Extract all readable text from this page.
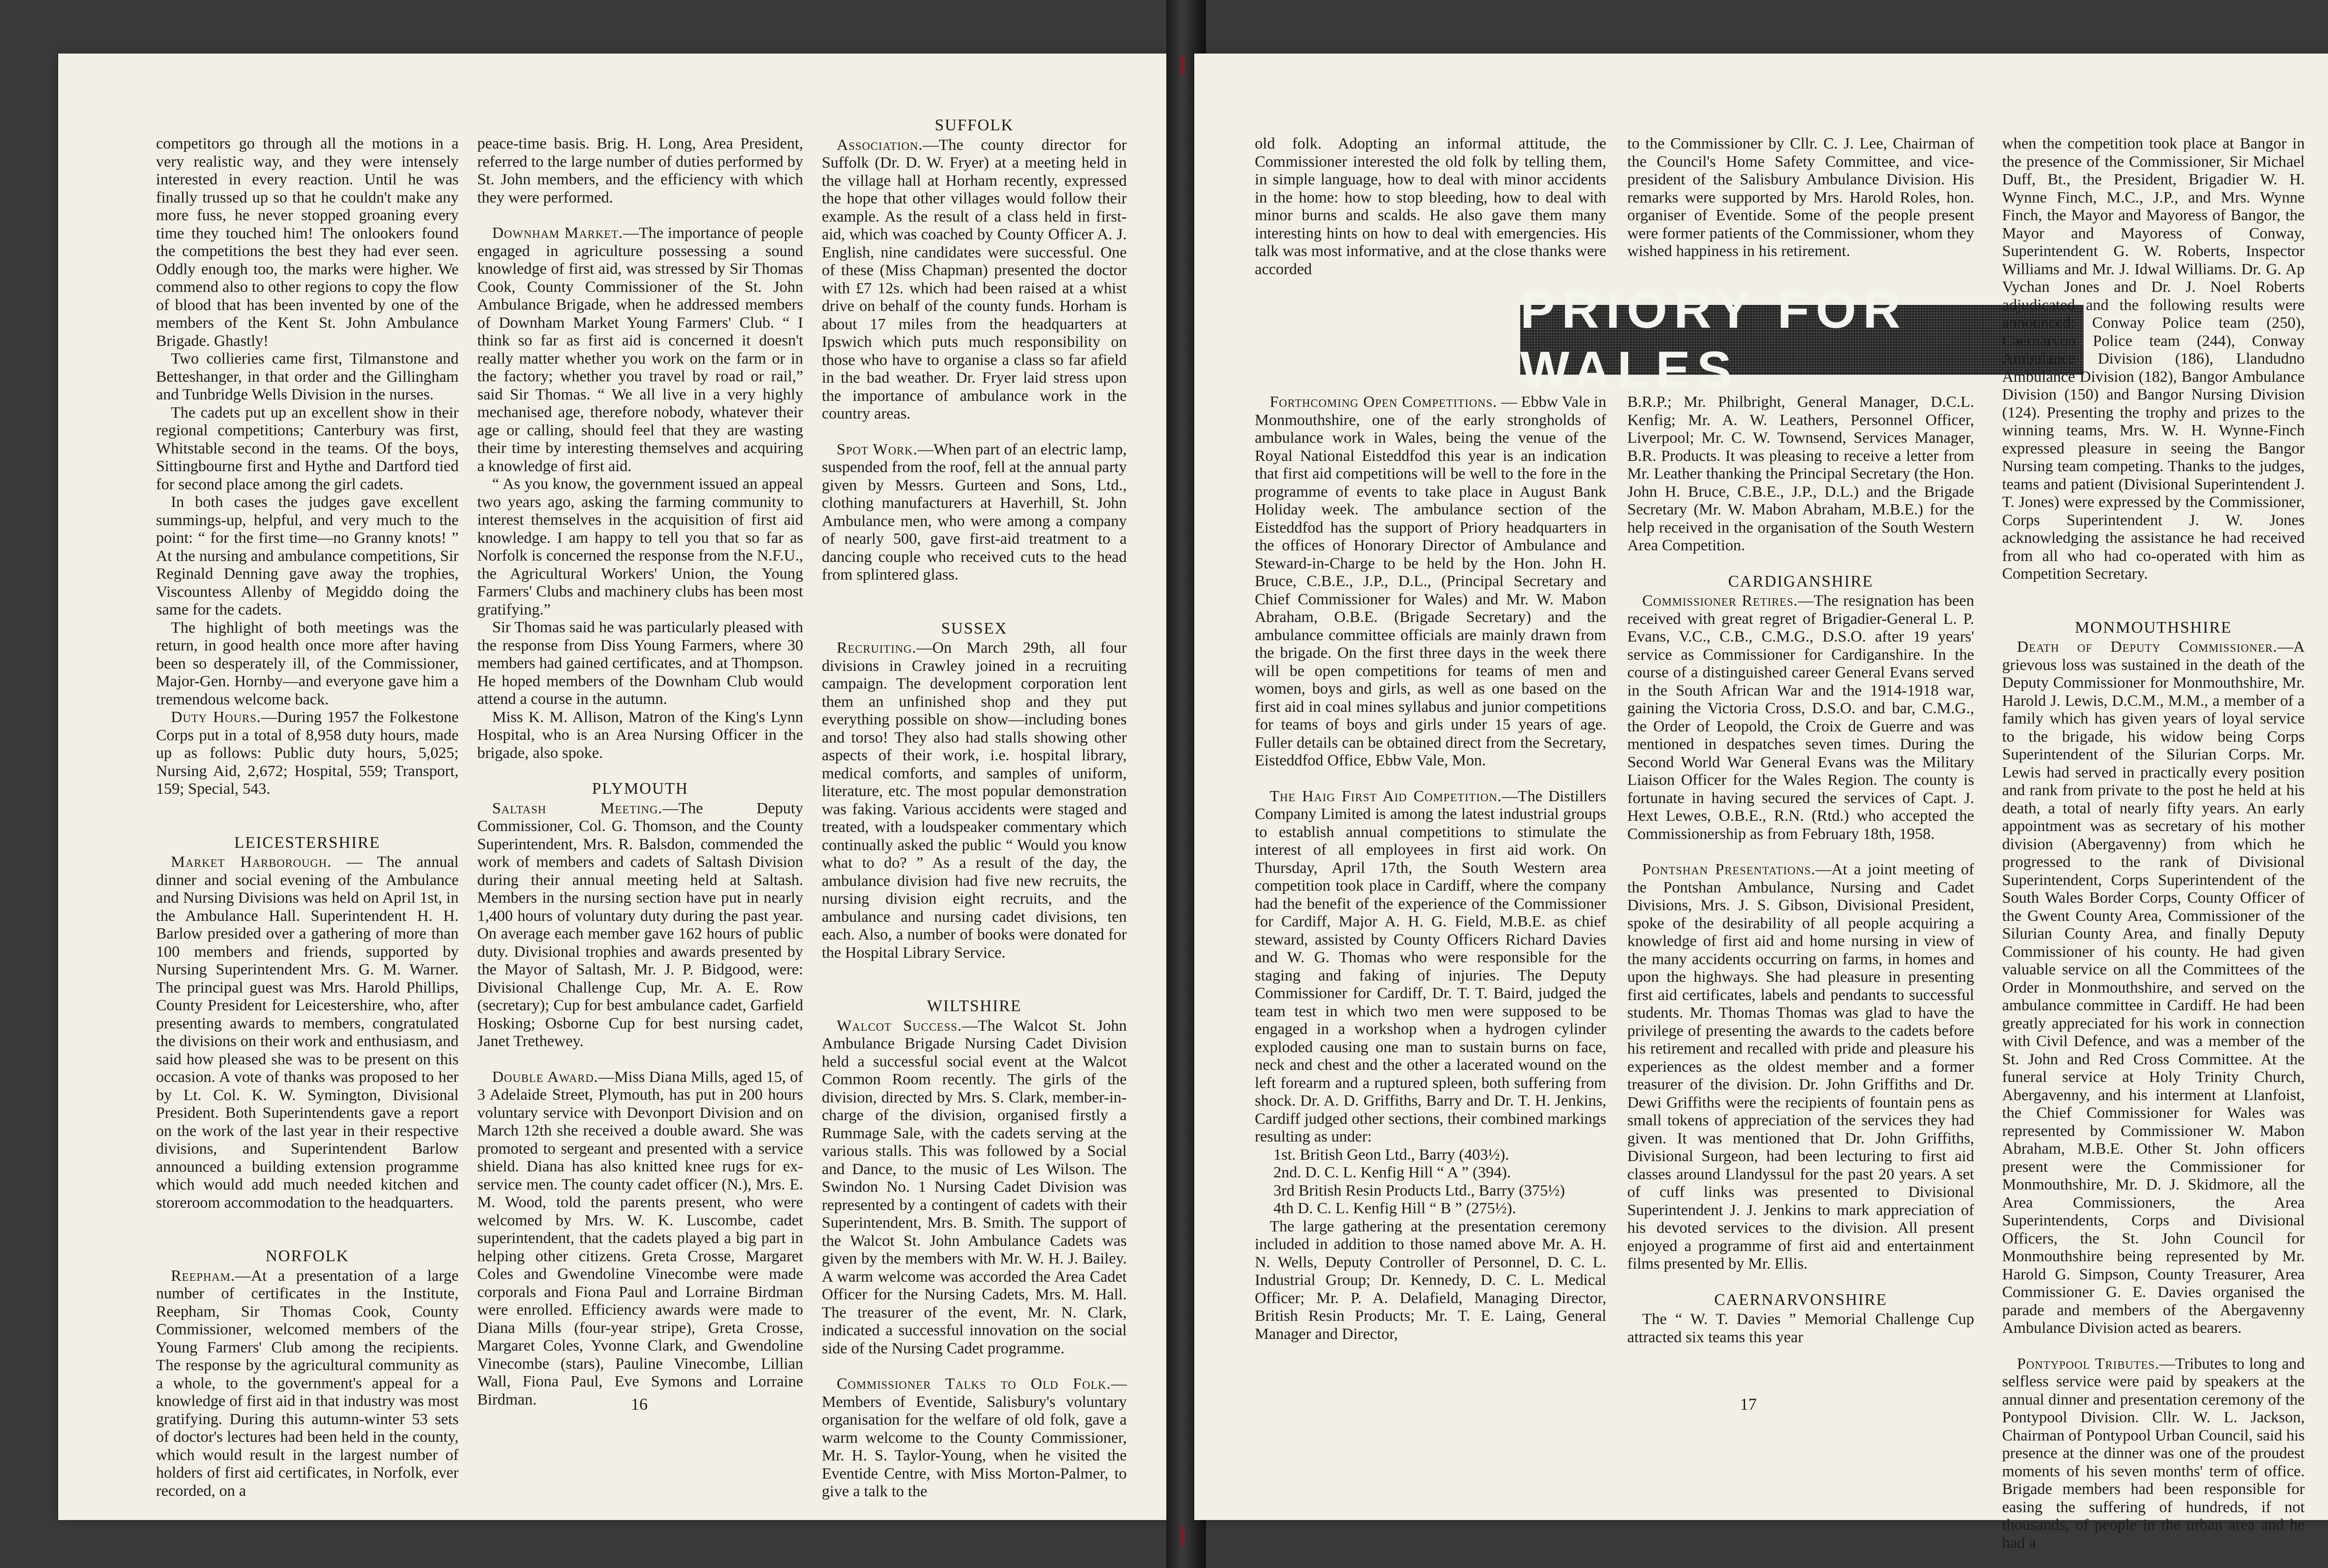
competitors go through all the motions in a very realistic way, and they were intensely interested in every reaction. Until he was finally trussed up so that he couldn't make any more fuss, he never stopped groaning every time they touched him! The onlookers found the competitions the best they had ever seen. Oddly enough too, the marks were higher. We commend also to other regions to copy the flow of blood that has been invented by one of the members of the Kent St. John Ambulance Brigade. Ghastly!

Two collieries came first, Tilmanstone and Betteshanger, in that order and the Gillingham and Tunbridge Wells Division in the nurses.

The cadets put up an excellent show in their regional competitions; Canterbury was first, Whitstable second in the teams. Of the boys, Sittingbourne first and Hythe and Dartford tied for second place among the girl cadets.

In both cases the judges gave excellent summings-up, helpful, and very much to the point: “ for the first time—no Granny knots! ” At the nursing and ambulance competitions, Sir Reginald Denning gave away the trophies, Viscountess Allenby of Megiddo doing the same for the cadets.

The highlight of both meetings was the return, in good health once more after having been so desperately ill, of the Commissioner, Major-Gen. Hornby—and everyone gave him a tremendous welcome back.

Duty Hours.—During 1957 the Folkestone Corps put in a total of 8,958 duty hours, made up as follows: Public duty hours, 5,025; Nursing Aid, 2,672; Hospital, 559; Transport, 159; Special, 543.

LEICESTERSHIRE

Market Harborough. — The annual dinner and social evening of the Ambulance and Nursing Divisions was held on April 1st, in the Ambulance Hall. Superintendent H. H. Barlow presided over a gathering of more than 100 members and friends, supported by Nursing Superintendent Mrs. G. M. Warner. The principal guest was Mrs. Harold Phillips, County President for Leicestershire, who, after presenting awards to members, congratulated the divisions on their work and enthusiasm, and said how pleased she was to be present on this occasion. A vote of thanks was proposed to her by Lt. Col. K. W. Symington, Divisional President. Both Superintendents gave a report on the work of the last year in their respective divisions, and Superintendent Barlow announced a building extension programme which would add much needed kitchen and storeroom accommodation to the headquarters.

NORFOLK

Reepham.—At a presentation of a large number of certificates in the Institute, Reepham, Sir Thomas Cook, County Commissioner, welcomed members of the Young Farmers' Club among the recipients. The response by the agricultural community as a whole, to the government's appeal for a knowledge of first aid in that industry was most gratifying. During this autumn-winter 53 sets of doctor's lectures had been held in the county, which would result in the largest number of holders of first aid certificates, in Norfolk, ever recorded, on a

peace-time basis. Brig. H. Long, Area President, referred to the large number of duties performed by St. John members, and the efficiency with which they were performed.

Downham Market.—The importance of people engaged in agriculture possessing a sound knowledge of first aid, was stressed by Sir Thomas Cook, County Commissioner of the St. John Ambulance Brigade, when he addressed members of Downham Market Young Farmers' Club. “ I think so far as first aid is concerned it doesn't really matter whether you work on the farm or in the factory; whether you travel by road or rail,” said Sir Thomas. “ We all live in a very highly mechanised age, therefore nobody, whatever their age or calling, should feel that they are wasting their time by interesting themselves and acquiring a knowledge of first aid.

“ As you know, the government issued an appeal two years ago, asking the farming community to interest themselves in the acquisition of first aid knowledge. I am happy to tell you that so far as Norfolk is concerned the response from the N.F.U., the Agricultural Workers' Union, the Young Farmers' Clubs and machinery clubs has been most gratifying.”

Sir Thomas said he was particularly pleased with the response from Diss Young Farmers, where 30 members had gained certificates, and at Thompson. He hoped members of the Downham Club would attend a course in the autumn.

Miss K. M. Allison, Matron of the King's Lynn Hospital, who is an Area Nursing Officer in the brigade, also spoke.

PLYMOUTH

Saltash Meeting.—The Deputy Commissioner, Col. G. Thomson, and the County Superintendent, Mrs. R. Balsdon, commended the work of members and cadets of Saltash Division during their annual meeting held at Saltash. Members in the nursing section have put in nearly 1,400 hours of voluntary duty during the past year. On average each member gave 162 hours of public duty. Divisional trophies and awards presented by the Mayor of Saltash, Mr. J. P. Bidgood, were: Divisional Challenge Cup, Mr. A. E. Row (secretary); Cup for best ambulance cadet, Garfield Hosking; Osborne Cup for best nursing cadet, Janet Trethewey.

Double Award.—Miss Diana Mills, aged 15, of 3 Adelaide Street, Plymouth, has put in 200 hours voluntary service with Devonport Division and on March 12th she received a double award. She was promoted to sergeant and presented with a service shield. Diana has also knitted knee rugs for ex-service men. The county cadet officer (N.), Mrs. E. M. Wood, told the parents present, who were welcomed by Mrs. W. K. Luscombe, cadet superintendent, that the cadets played a big part in helping other citizens. Greta Crosse, Margaret Coles and Gwendoline Vinecombe were made corporals and Fiona Paul and Lorraine Birdman were enrolled. Efficiency awards were made to Diana Mills (four-year stripe), Greta Crosse, Margaret Coles, Yvonne Clark, and Gwendoline Vinecombe (stars), Pauline Vinecombe, Lillian Wall, Fiona Paul, Eve Symons and Lorraine Birdman.

SUFFOLK

Association.—The county director for Suffolk (Dr. D. W. Fryer) at a meeting held in the village hall at Horham recently, expressed the hope that other villages would follow their example. As the result of a class held in first-aid, which was coached by County Officer A. J. English, nine candidates were successful. One of these (Miss Chapman) presented the doctor with £7 12s. which had been raised at a whist drive on behalf of the county funds. Horham is about 17 miles from the headquarters at Ipswich which puts much responsibility on those who have to organise a class so far afield in the bad weather. Dr. Fryer laid stress upon the importance of ambulance work in the country areas.

Spot Work.—When part of an electric lamp, suspended from the roof, fell at the annual party given by Messrs. Gurteen and Sons, Ltd., clothing manufacturers at Haverhill, St. John Ambulance men, who were among a company of nearly 500, gave first-aid treatment to a dancing couple who received cuts to the head from splintered glass.

SUSSEX

Recruiting.—On March 29th, all four divisions in Crawley joined in a recruiting campaign. The development corporation lent them an unfinished shop and they put everything possible on show—including bones and torso! They also had stalls showing other aspects of their work, i.e. hospital library, medical comforts, and samples of uniform, literature, etc. The most popular demonstration was faking. Various accidents were staged and treated, with a loudspeaker commentary which continually asked the public “ Would you know what to do? ” As a result of the day, the ambulance division had five new recruits, the nursing division eight recruits, and the ambulance and nursing cadet divisions, ten each. Also, a number of books were donated for the Hospital Library Service.

WILTSHIRE

Walcot Success.—The Walcot St. John Ambulance Brigade Nursing Cadet Division held a successful social event at the Walcot Common Room recently. The girls of the division, directed by Mrs. S. Clark, member-in-charge of the division, organised firstly a Rummage Sale, with the cadets serving at the various stalls. This was followed by a Social and Dance, to the music of Les Wilson. The Swindon No. 1 Nursing Cadet Division was represented by a contingent of cadets with their Superintendent, Mrs. B. Smith. The support of the Walcot St. John Ambulance Cadets was given by the members with Mr. W. H. J. Bailey. A warm welcome was accorded the Area Cadet Officer for the Nursing Cadets, Mrs. M. Hall. The treasurer of the event, Mr. N. Clark, indicated a successful innovation on the social side of the Nursing Cadet programme.

Commissioner Talks to Old Folk.—Members of Eventide, Salisbury's voluntary organisation for the welfare of old folk, gave a warm welcome to the County Commissioner, Mr. H. S. Taylor-Young, when he visited the Eventide Centre, with Miss Morton-Palmer, to give a talk to the

16

old folk. Adopting an informal attitude, the Commissioner interested the old folk by telling them, in simple language, how to deal with minor accidents in the home: how to stop bleeding, how to deal with minor burns and scalds. He also gave them many interesting hints on how to deal with emergencies. His talk was most informative, and at the close thanks were accorded

to the Commissioner by Cllr. C. J. Lee, Chairman of the Council's Home Safety Committee, and vice-president of the Salisbury Ambulance Division. His remarks were supported by Mrs. Harold Roles, hon. organiser of Eventide. Some of the people present were former patients of the Commissioner, whom they wished happiness in his retirement.

PRIORY FOR WALES

Forthcoming Open Competitions. — Ebbw Vale in Monmouthshire, one of the early strongholds of ambulance work in Wales, being the venue of the Royal National Eisteddfod this year is an indication that first aid competitions will be well to the fore in the programme of events to take place in August Bank Holiday week. The ambulance section of the Eisteddfod has the support of Priory headquarters in the offices of Honorary Director of Ambulance and Steward-in-Charge to be held by the Hon. John H. Bruce, C.B.E., J.P., D.L., (Principal Secretary and Chief Commissioner for Wales) and Mr. W. Mabon Abraham, O.B.E. (Brigade Secretary) and the ambulance committee officials are mainly drawn from the brigade. On the first three days in the week there will be open competitions for teams of men and women, boys and girls, as well as one based on the first aid in coal mines syllabus and junior competitions for teams of boys and girls under 15 years of age. Fuller details can be obtained direct from the Secretary, Eisteddfod Office, Ebbw Vale, Mon.

The Haig First Aid Competition.—The Distillers Company Limited is among the latest industrial groups to establish annual competitions to stimulate the interest of all employees in first aid work. On Thursday, April 17th, the South Western area competition took place in Cardiff, where the company had the benefit of the experience of the Commissioner for Cardiff, Major A. H. G. Field, M.B.E. as chief steward, assisted by County Officers Richard Davies and W. G. Thomas who were responsible for the staging and faking of injuries. The Deputy Commissioner for Cardiff, Dr. T. T. Baird, judged the team test in which two men were supposed to be engaged in a workshop when a hydrogen cylinder exploded causing one man to sustain burns on face, neck and chest and the other a lacerated wound on the left forearm and a ruptured spleen, both suffering from shock. Dr. A. D. Griffiths, Barry and Dr. T. H. Jenkins, Cardiff judged other sections, their combined markings resulting as under:

1st. British Geon Ltd., Barry (403½).

2nd. D. C. L. Kenfig Hill “ A ” (394).

3rd British Resin Products Ltd., Barry (375½)

4th D. C. L. Kenfig Hill “ B ” (275½).

The large gathering at the presentation ceremony included in addition to those named above Mr. A. H. N. Wells, Deputy Controller of Personnel, D. C. L. Industrial Group; Dr. Kennedy, D. C. L. Medical Officer; Mr. P. A. Delafield, Managing Director, British Resin Products; Mr. T. E. Laing, General Manager and Director,

B.R.P.; Mr. Philbright, General Manager, D.C.L. Kenfig; Mr. A. W. Leathers, Personnel Officer, Liverpool; Mr. C. W. Townsend, Services Manager, B.R. Products. It was pleasing to receive a letter from Mr. Leather thanking the Principal Secretary (the Hon. John H. Bruce, C.B.E., J.P., D.L.) and the Brigade Secretary (Mr. W. Mabon Abraham, M.B.E.) for the help received in the organisation of the South Western Area Competition.

CARDIGANSHIRE

Commissioner Retires.—The resignation has been received with great regret of Brigadier-General L. P. Evans, V.C., C.B., C.M.G., D.S.O. after 19 years' service as Commissioner for Cardiganshire. In the course of a distinguished career General Evans served in the South African War and the 1914-1918 war, gaining the Victoria Cross, D.S.O. and bar, C.M.G., the Order of Leopold, the Croix de Guerre and was mentioned in despatches seven times. During the Second World War General Evans was the Military Liaison Officer for the Wales Region. The county is fortunate in having secured the services of Capt. J. Hext Lewes, O.B.E., R.N. (Rtd.) who accepted the Commissionership as from February 18th, 1958.

Pontshan Presentations.—At a joint meeting of the Pontshan Ambulance, Nursing and Cadet Divisions, Mrs. J. S. Gibson, Divisional President, spoke of the desirability of all people acquiring a knowledge of first aid and home nursing in view of the many accidents occurring on farms, in homes and upon the highways. She had pleasure in presenting first aid certificates, labels and pendants to successful students. Mr. Thomas Thomas was glad to have the privilege of presenting the awards to the cadets before his retirement and recalled with pride and pleasure his experiences as the oldest member and a former treasurer of the division. Dr. John Griffiths and Dr. Dewi Griffiths were the recipients of fountain pens as small tokens of appreciation of the services they had given. It was mentioned that Dr. John Griffiths, Divisional Surgeon, had been lecturing to first aid classes around Llandyssul for the past 20 years. A set of cuff links was presented to Divisional Superintendent J. J. Jenkins to mark appreciation of his devoted services to the division. All present enjoyed a programme of first aid and entertainment films presented by Mr. Ellis.

CAERNARVONSHIRE

The “ W. T. Davies ” Memorial Challenge Cup attracted six teams this year

when the competition took place at Bangor in the presence of the Commissioner, Sir Michael Duff, Bt., the President, Brigadier W. H. Wynne Finch, M.C., J.P., and Mrs. Wynne Finch, the Mayor and Mayoress of Bangor, the Mayor and Mayoress of Conway, Superintendent G. W. Roberts, Inspector Williams and Mr. J. Idwal Williams. Dr. G. Ap Vychan Jones and Dr. J. Noel Roberts adjudicated and the following results were announced: Conway Police team (250), Caernarvon Police team (244), Conway Ambulance Division (186), Llandudno Ambulance Division (182), Bangor Ambulance Division (150) and Bangor Nursing Division (124). Presenting the trophy and prizes to the winning teams, Mrs. W. H. Wynne-Finch expressed pleasure in seeing the Bangor Nursing team competing. Thanks to the judges, teams and patient (Divisional Superintendent J. T. Jones) were expressed by the Commissioner, Corps Superintendent J. W. Jones acknowledging the assistance he had received from all who had co-operated with him as Competition Secretary.

MONMOUTHSHIRE

Death of Deputy Commissioner.—A grievous loss was sustained in the death of the Deputy Commissioner for Monmouthshire, Mr. Harold J. Lewis, D.C.M., M.M., a member of a family which has given years of loyal service to the brigade, his widow being Corps Superintendent of the Silurian Corps. Mr. Lewis had served in practically every position and rank from private to the post he held at his death, a total of nearly fifty years. An early appointment was as secretary of his mother division (Abergavenny) from which he progressed to the rank of Divisional Superintendent, Corps Superintendent of the South Wales Border Corps, County Officer of the Gwent County Area, Commissioner of the Silurian County Area, and finally Deputy Commissioner of his county. He had given valuable service on all the Committees of the Order in Monmouthshire, and served on the ambulance committee in Cardiff. He had been greatly appreciated for his work in connection with Civil Defence, and was a member of the St. John and Red Cross Committee. At the funeral service at Holy Trinity Church, Abergavenny, and his interment at Llanfoist, the Chief Commissioner for Wales was represented by Commissioner W. Mabon Abraham, M.B.E. Other St. John officers present were the Commissioner for Monmouthshire, Mr. D. J. Skidmore, all the Area Commissioners, the Area Superintendents, Corps and Divisional Officers, the St. John Council for Monmouthshire being represented by Mr. Harold G. Simpson, County Treasurer, Area Commissioner G. E. Davies organised the parade and members of the Abergavenny Ambulance Division acted as bearers.

Pontypool Tributes.—Tributes to long and selfless service were paid by speakers at the annual dinner and presentation ceremony of the Pontypool Division. Cllr. W. L. Jackson, Chairman of Pontypool Urban Council, said his presence at the dinner was one of the proudest moments of his seven months' term of office. Brigade members had been responsible for easing the suffering of hundreds, if not thousands, of people in the urban area and he had a

17
